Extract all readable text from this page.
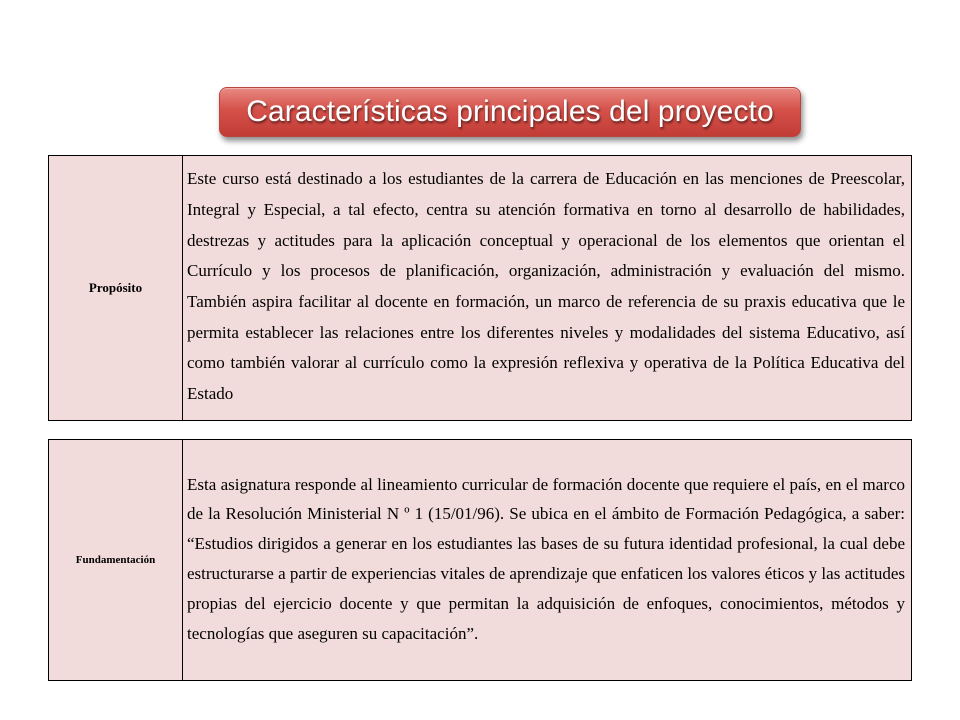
Características principales del proyecto
Propósito	Este curso está destinado a los estudiantes de la carrera de Educación en las menciones de Preescolar, Integral y Especial, a tal efecto, centra su atención formativa en torno al desarrollo de habilidades, destrezas y actitudes para la aplicación conceptual y operacional de los elementos que orientan el Currículo y los procesos de planificación, organización, administración y evaluación del mismo. También aspira facilitar al docente en formación, un marco de referencia de su praxis educativa que le permita establecer las relaciones entre los diferentes niveles y modalidades del sistema Educativo, así como también valorar al currículo como la expresión reflexiva y operativa de la Política Educativa del Estado
Fundamentación	Esta asignatura responde al lineamiento curricular de formación docente que requiere el país, en el marco de la Resolución Ministerial N º 1 (15/01/96). Se ubica en el ámbito de Formación Pedagógica, a saber: “Estudios dirigidos a generar en los estudiantes las bases de su futura identidad profesional, la cual debe estructurarse a partir de experiencias vitales de aprendizaje que enfaticen los valores éticos y las actitudes propias del ejercicio docente y que permitan la adquisición de enfoques, conocimientos, métodos y tecnologías que aseguren su capacitación”.
